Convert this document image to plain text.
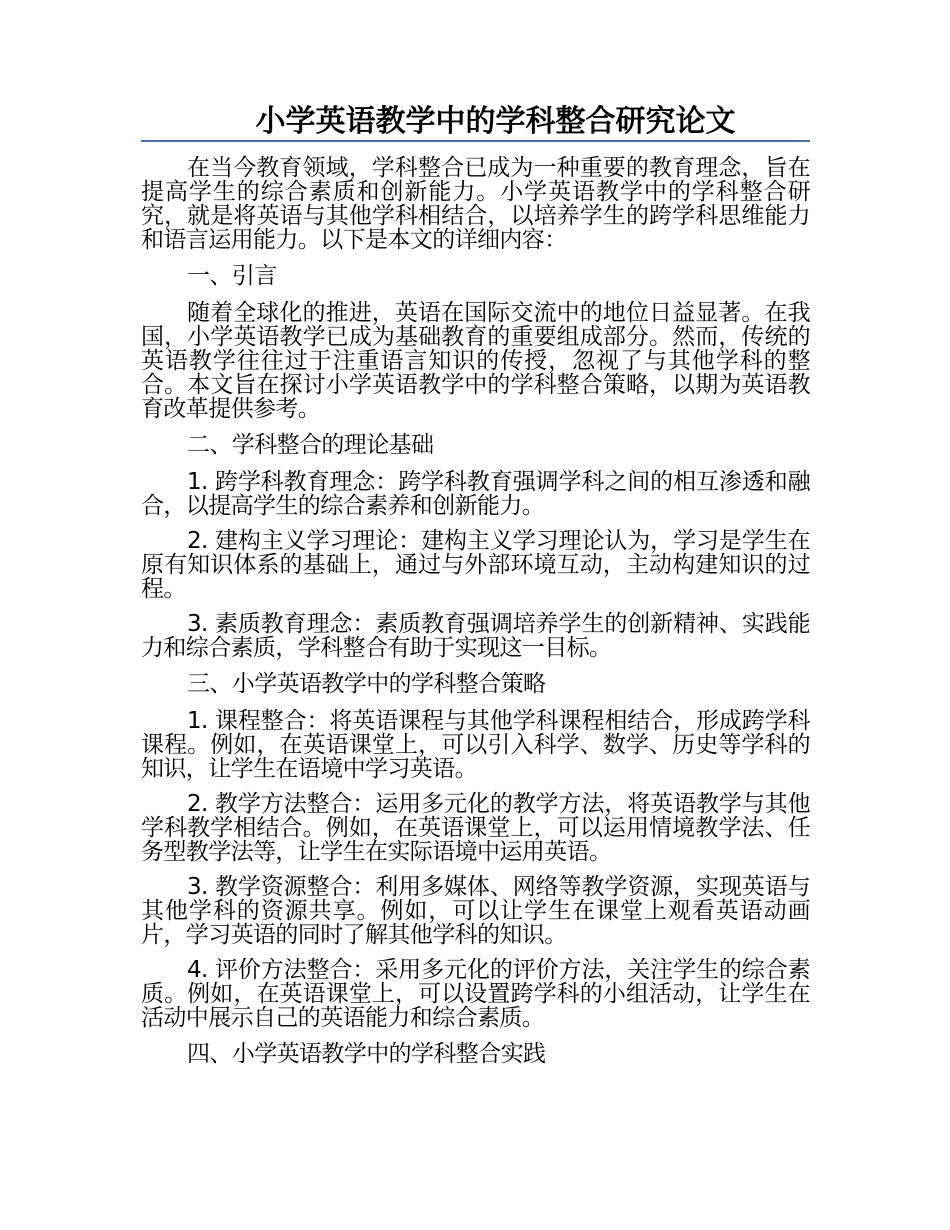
小学英语教学中的学科整合研究论文

在当今教育领域，学科整合已成为一种重要的教育理念，旨在提高学生的综合素质和创新能力。小学英语教学中的学科整合研究，就是将英语与其他学科相结合，以培养学生的跨学科思维能力和语言运用能力。以下是本文的详细内容：

一、引言

随着全球化的推进，英语在国际交流中的地位日益显著。在我国，小学英语教学已成为基础教育的重要组成部分。然而，传统的英语教学往往过于注重语言知识的传授，忽视了与其他学科的整合。本文旨在探讨小学英语教学中的学科整合策略，以期为英语教育改革提供参考。

二、学科整合的理论基础

1. 跨学科教育理念：跨学科教育强调学科之间的相互渗透和融合，以提高学生的综合素养和创新能力。

2. 建构主义学习理论：建构主义学习理论认为，学习是学生在原有知识体系的基础上，通过与外部环境互动，主动构建知识的过程。

3. 素质教育理念：素质教育强调培养学生的创新精神、实践能力和综合素质，学科整合有助于实现这一目标。

三、小学英语教学中的学科整合策略

1. 课程整合：将英语课程与其他学科课程相结合，形成跨学科课程。例如，在英语课堂上，可以引入科学、数学、历史等学科的知识，让学生在语境中学习英语。

2. 教学方法整合：运用多元化的教学方法，将英语教学与其他学科教学相结合。例如，在英语课堂上，可以运用情境教学法、任务型教学法等，让学生在实际语境中运用英语。

3. 教学资源整合：利用多媒体、网络等教学资源，实现英语与其他学科的资源共享。例如，可以让学生在课堂上观看英语动画片，学习英语的同时了解其他学科的知识。

4. 评价方法整合：采用多元化的评价方法，关注学生的综合素质。例如，在英语课堂上，可以设置跨学科的小组活动，让学生在活动中展示自己的英语能力和综合素质。

四、小学英语教学中的学科整合实践
